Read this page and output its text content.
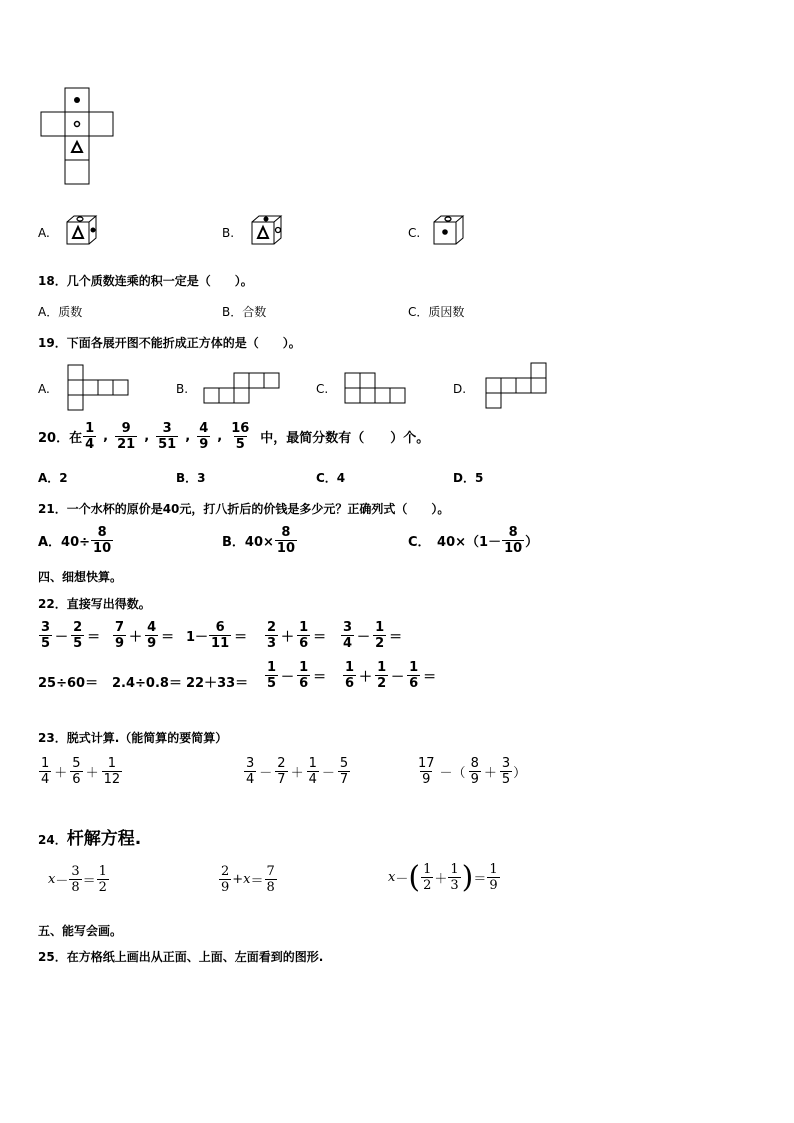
A.	B.	C.
18．几个质数连乘的积一定是（　　）。
A．质数	B．合数	C．质因数
19．下面各展开图不能折成正方体的是（　　）。
A.	B.	C.	D.
20．在 $\frac{1}{4}$ , $\frac{9}{21}$ , $\frac{3}{51}$ , $\frac{4}{9}$ , $\frac{16}{5}$ 中，最简分数有（　　）个。
A．2	B．3	C．4	D．5
21．一个水杯的原价是40元，打八折后的价钱是多少元？正确列式（　　）。
A．$40\div \frac{8}{10}$	B．$40\times \frac{8}{10}$	C．　$40\times(1- \frac{8}{10}$ ）
四、细想快算。
22．直接写出得数。
$\frac{3}{5} - \frac{2}{5} = \frac{7}{9} + \frac{4}{9} = 1- \frac{6}{11} = \frac{2}{3} + \frac{1}{6} = \frac{3}{4} - \frac{1}{2}$ ＝
$25\div 60= 2.4\div 0.8= 22+33= \frac{1}{5} - \frac{1}{6} = \frac{1}{6} + \frac{1}{2} - \frac{1}{6}$ ＝
23．脱式计算.（能简算的要简算）
$\frac{1}{4} + \frac{5}{6} + \frac{1}{12}$	$\frac{3}{4} - \frac{2}{7} + \frac{1}{4} - \frac{5}{7}$	$\frac{17}{9}$ －（ $\frac{8}{9} + \frac{3}{5}$ ）
24． 杆解方程.
$x - \frac{3}{8} = \frac{1}{2}$	$\frac{2}{9} +x = \frac{7}{8}$	x － ( $\frac{1}{2} + \frac{1}{3}$ ) ＝ $\frac{1}{9}$
五、能写会画。
25．在方格纸上画出从正面、上面、左面看到的图形.
